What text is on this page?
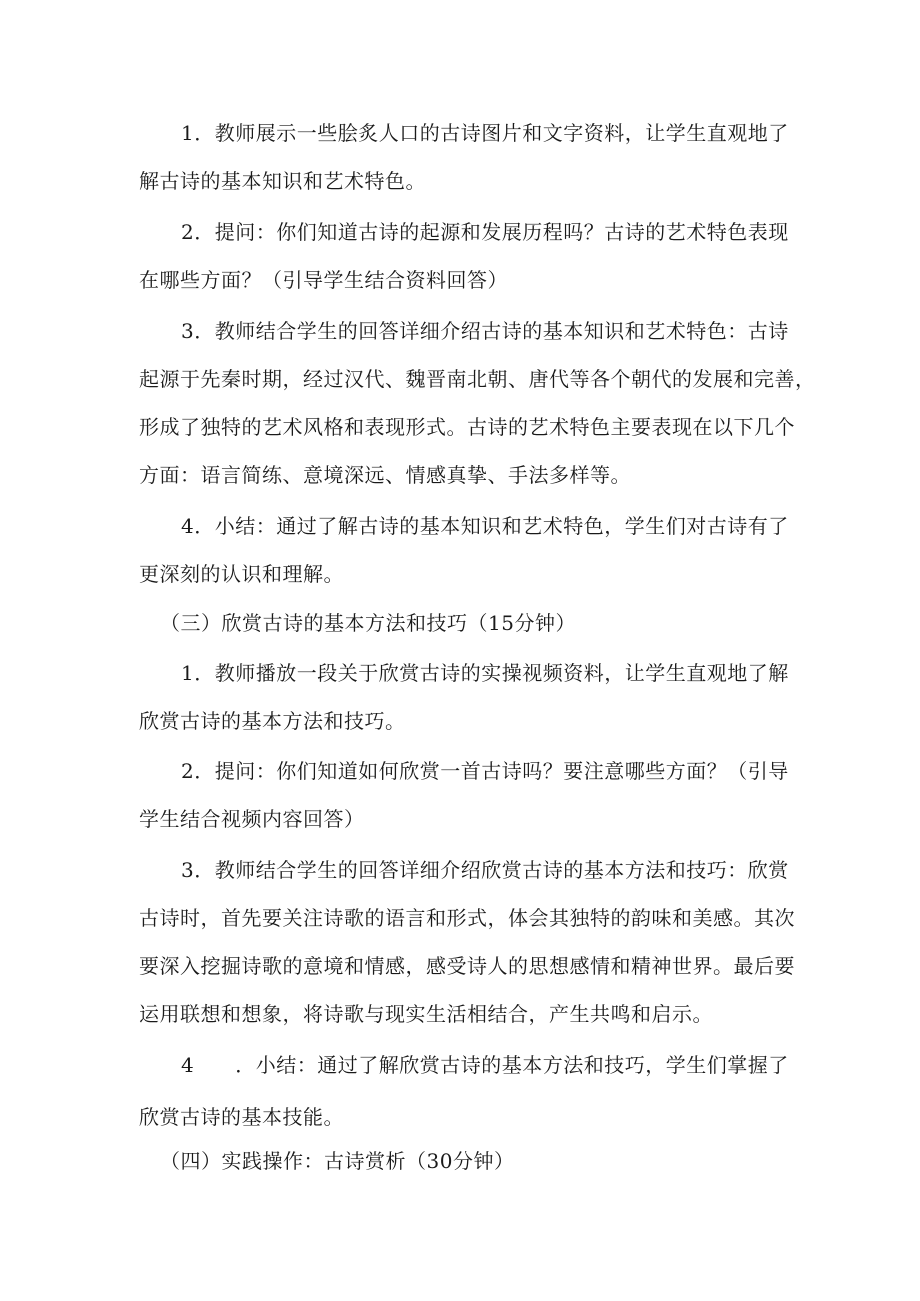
1．教师展示一些脍炙人口的古诗图片和文字资料，让学生直观地了
解古诗的基本知识和艺术特色。
2．提问：你们知道古诗的起源和发展历程吗？古诗的艺术特色表现
在哪些方面？（引导学生结合资料回答）
3．教师结合学生的回答详细介绍古诗的基本知识和艺术特色：古诗
起源于先秦时期，经过汉代、魏晋南北朝、唐代等各个朝代的发展和完善，
形成了独特的艺术风格和表现形式。古诗的艺术特色主要表现在以下几个
方面：语言简练、意境深远、情感真挚、手法多样等。
4．小结：通过了解古诗的基本知识和艺术特色，学生们对古诗有了
更深刻的认识和理解。
（三）欣赏古诗的基本方法和技巧（15分钟）
1．教师播放一段关于欣赏古诗的实操视频资料，让学生直观地了解
欣赏古诗的基本方法和技巧。
2．提问：你们知道如何欣赏一首古诗吗？要注意哪些方面？（引导
学生结合视频内容回答）
3．教师结合学生的回答详细介绍欣赏古诗的基本方法和技巧：欣赏
古诗时，首先要关注诗歌的语言和形式，体会其独特的韵味和美感。其次
要深入挖掘诗歌的意境和情感，感受诗人的思想感情和精神世界。最后要
运用联想和想象，将诗歌与现实生活相结合，产生共鸣和启示。
4　　．小结：通过了解欣赏古诗的基本方法和技巧，学生们掌握了
欣赏古诗的基本技能。
（四）实践操作：古诗赏析（30分钟）
